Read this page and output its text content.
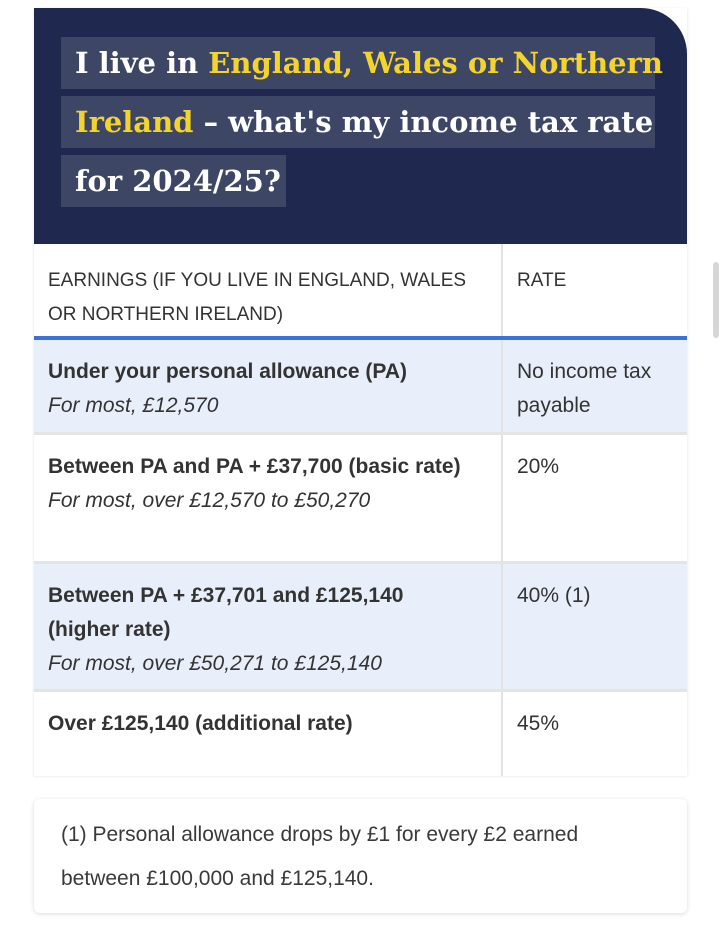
I live in England, Wales or Northern
Ireland – what's my income tax rate
for 2024/25?
EARNINGS (IF YOU LIVE IN ENGLAND, WALES OR NORTHERN IRELAND)
RATE
Under your personal allowance (PA)
For most, £12,570
No income tax payable
Between PA and PA + £37,700 (basic rate)
For most, over £12,570 to £50,270
20%
Between PA + £37,701 and £125,140 (higher rate)
For most, over £50,271 to £125,140
40% (1)
Over £125,140 (additional rate)	45%
(1) Personal allowance drops by £1 for every £2 earned between £100,000 and £125,140.
